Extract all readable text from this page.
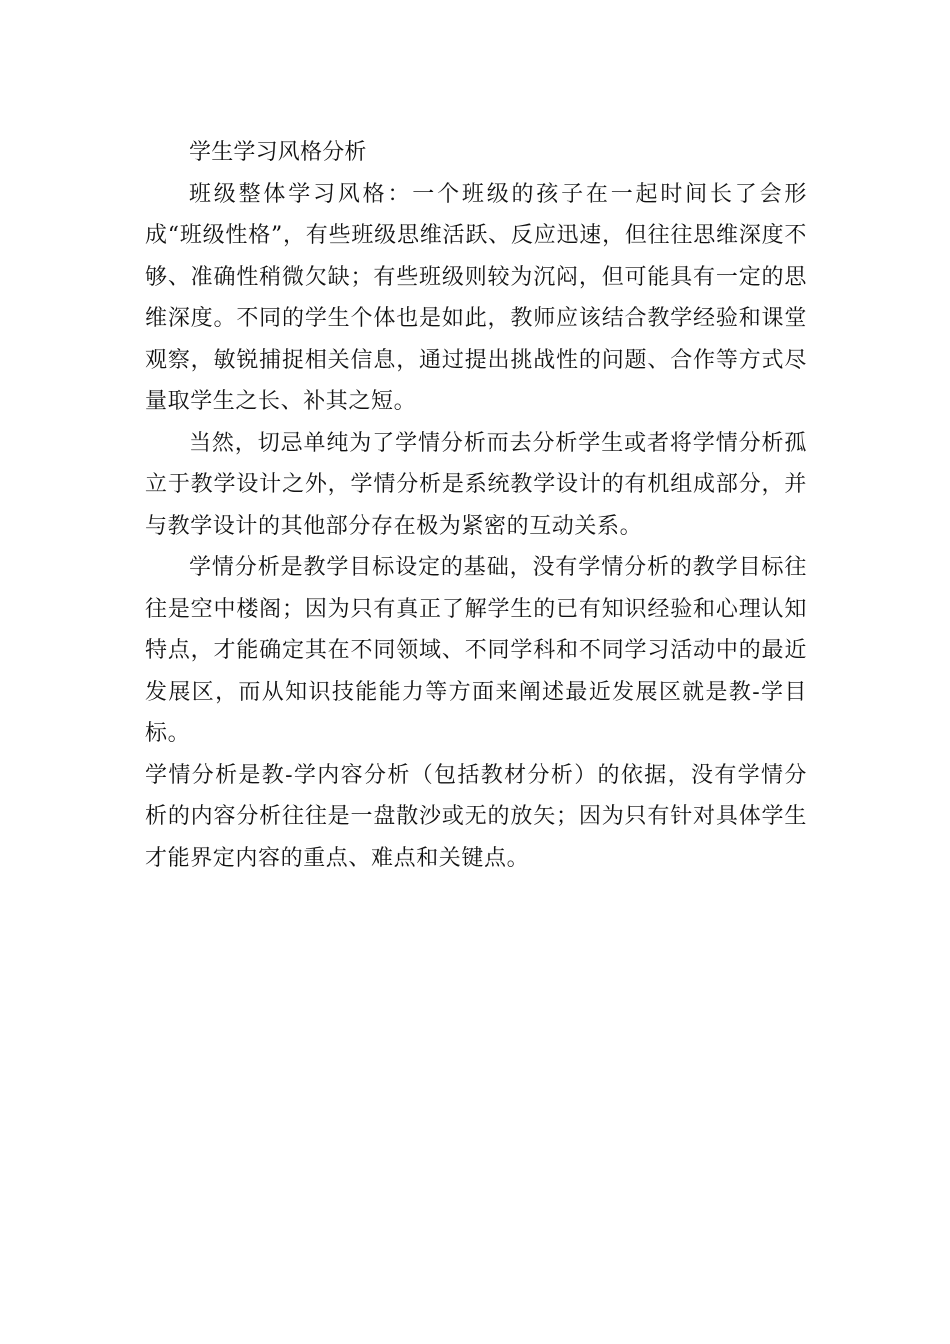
学生学习风格分析

班级整体学习风格：一个班级的孩子在一起时间长了会形成“班级性格”，有些班级思维活跃、反应迅速，但往往思维深度不够、准确性稍微欠缺；有些班级则较为沉闷，但可能具有一定的思维深度。不同的学生个体也是如此，教师应该结合教学经验和课堂观察，敏锐捕捉相关信息，通过提出挑战性的问题、合作等方式尽量取学生之长、补其之短。

当然，切忌单纯为了学情分析而去分析学生或者将学情分析孤立于教学设计之外，学情分析是系统教学设计的有机组成部分，并与教学设计的其他部分存在极为紧密的互动关系。

学情分析是教学目标设定的基础，没有学情分析的教学目标往往是空中楼阁；因为只有真正了解学生的已有知识经验和心理认知特点，才能确定其在不同领域、不同学科和不同学习活动中的最近发展区，而从知识技能能力等方面来阐述最近发展区就是教-学目标。

学情分析是教-学内容分析（包括教材分析）的依据，没有学情分析的内容分析往往是一盘散沙或无的放矢；因为只有针对具体学生才能界定内容的重点、难点和关键点。
